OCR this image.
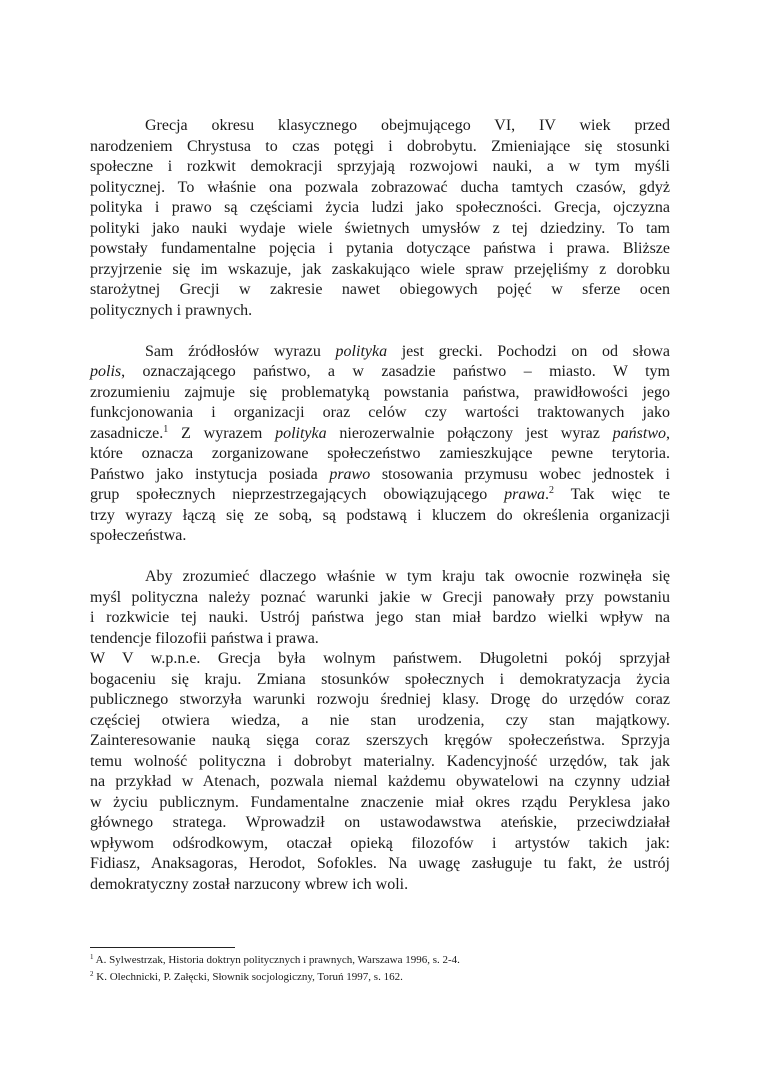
Grecja okresu klasycznego obejmującego VI, IV wiek przed
narodzeniem Chrystusa to czas potęgi i dobrobytu. Zmieniające się stosunki
społeczne i rozkwit demokracji sprzyjają rozwojowi nauki, a w tym myśli
politycznej. To właśnie ona pozwala zobrazować ducha tamtych czasów, gdyż
polityka i prawo są częściami życia ludzi jako społeczności. Grecja, ojczyzna
polityki jako nauki wydaje wiele świetnych umysłów z tej dziedziny. To tam
powstały fundamentalne pojęcia i pytania dotyczące państwa i prawa. Bliższe
przyjrzenie się im wskazuje, jak zaskakująco wiele spraw przejęliśmy z dorobku
starożytnej Grecji w zakresie nawet obiegowych pojęć w sferze ocen
politycznych i prawnych.
Sam źródłosłów wyrazu polityka jest grecki. Pochodzi on od słowa
polis, oznaczającego państwo, a w zasadzie państwo – miasto. W tym
zrozumieniu zajmuje się problematyką powstania państwa, prawidłowości jego
funkcjonowania i organizacji oraz celów czy wartości traktowanych jako
zasadnicze.$^1$ Z wyrazem polityka nierozerwalnie połączony jest wyraz państwo,
które oznacza zorganizowane społeczeństwo zamieszkujące pewne terytoria.
Państwo jako instytucja posiada prawo stosowania przymusu wobec jednostek i
grup społecznych nieprzestrzegających obowiązującego prawa.$^2$ Tak więc te
trzy wyrazy łączą się ze sobą, są podstawą i kluczem do określenia organizacji
społeczeństwa.
Aby zrozumieć dlaczego właśnie w tym kraju tak owocnie rozwinęła się
myśl polityczna należy poznać warunki jakie w Grecji panowały przy powstaniu
i rozkwicie tej nauki. Ustrój państwa jego stan miał bardzo wielki wpływ na
tendencje filozofii państwa i prawa.
W V w.p.n.e. Grecja była wolnym państwem. Długoletni pokój sprzyjał
bogaceniu się kraju. Zmiana stosunków społecznych i demokratyzacja życia
publicznego stworzyła warunki rozwoju średniej klasy. Drogę do urzędów coraz
częściej otwiera wiedza, a nie stan urodzenia, czy stan majątkowy.
Zainteresowanie nauką sięga coraz szerszych kręgów społeczeństwa. Sprzyja
temu wolność polityczna i dobrobyt materialny. Kadencyjność urzędów, tak jak
na przykład w Atenach, pozwala niemal każdemu obywatelowi na czynny udział
w życiu publicznym. Fundamentalne znaczenie miał okres rządu Peryklesa jako
głównego stratega. Wprowadził on ustawodawstwa ateńskie, przeciwdziałał
wpływom odśrodkowym, otaczał opieką filozofów i artystów takich jak:
Fidiasz, Anaksagoras, Herodot, Sofokles. Na uwagę zasługuje tu fakt, że ustrój
demokratyczny został narzucony wbrew ich woli.
$^1$ A. Sylwestrzak, Historia doktryn politycznych i prawnych, Warszawa 1996, s. 2-4.
$^2$ K. Olechnicki, P. Załęcki, Słownik socjologiczny, Toruń 1997, s. 162.
